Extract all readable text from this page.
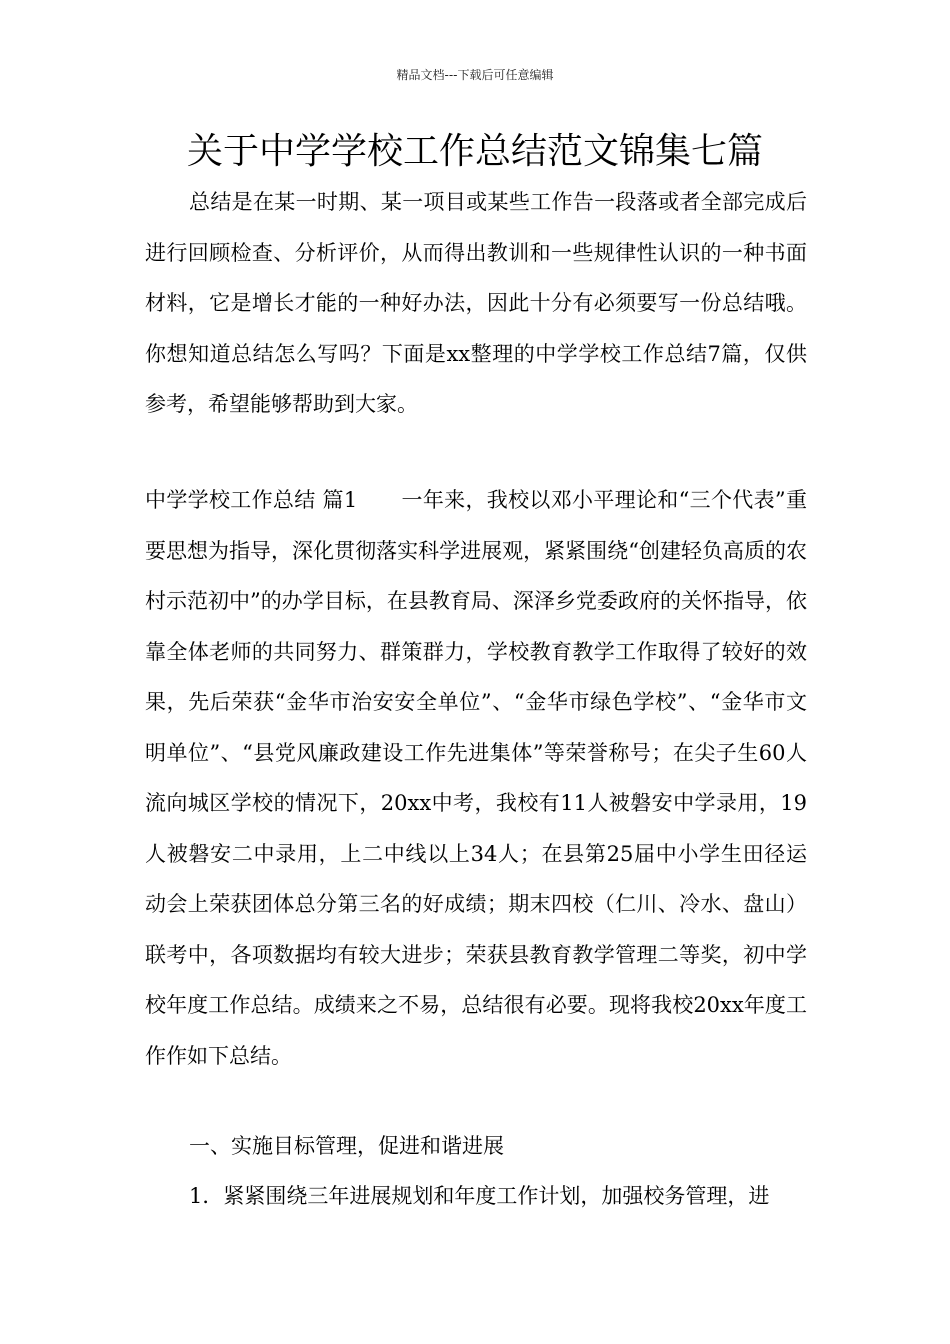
精品文档---下载后可任意编辑
关于中学学校工作总结范文锦集七篇

总结是在某一时期、某一项目或某些工作告一段落或者全部完成后进行回顾检查、分析评价，从而得出教训和一些规律性认识的一种书面材料，它是增长才能的一种好办法，因此十分有必须要写一份总结哦。你想知道总结怎么写吗？下面是xx整理的中学学校工作总结7篇，仅供参考，希望能够帮助到大家。

中学学校工作总结 篇1 一年来，我校以邓小平理论和“三个代表”重要思想为指导，深化贯彻落实科学进展观，紧紧围绕“创建轻负高质的农村示范初中”的办学目标，在县教育局、深泽乡党委政府的关怀指导，依靠全体老师的共同努力、群策群力，学校教育教学工作取得了较好的效果，先后荣获“金华市治安安全单位”、“金华市绿色学校”、“金华市文明单位”、“县党风廉政建设工作先进集体”等荣誉称号；在尖子生60人流向城区学校的情况下，20xx中考，我校有11人被磐安中学录用，19人被磐安二中录用，上二中线以上34人；在县第25届中小学生田径运动会上荣获团体总分第三名的好成绩；期末四校（仁川、冷水、盘山）联考中，各项数据均有较大进步；荣获县教育教学管理二等奖，初中学校年度工作总结。成绩来之不易，总结很有必要。现将我校20xx年度工作作如下总结。

一、实施目标管理，促进和谐进展

1．紧紧围绕三年进展规划和年度工作计划，加强校务管理，进
